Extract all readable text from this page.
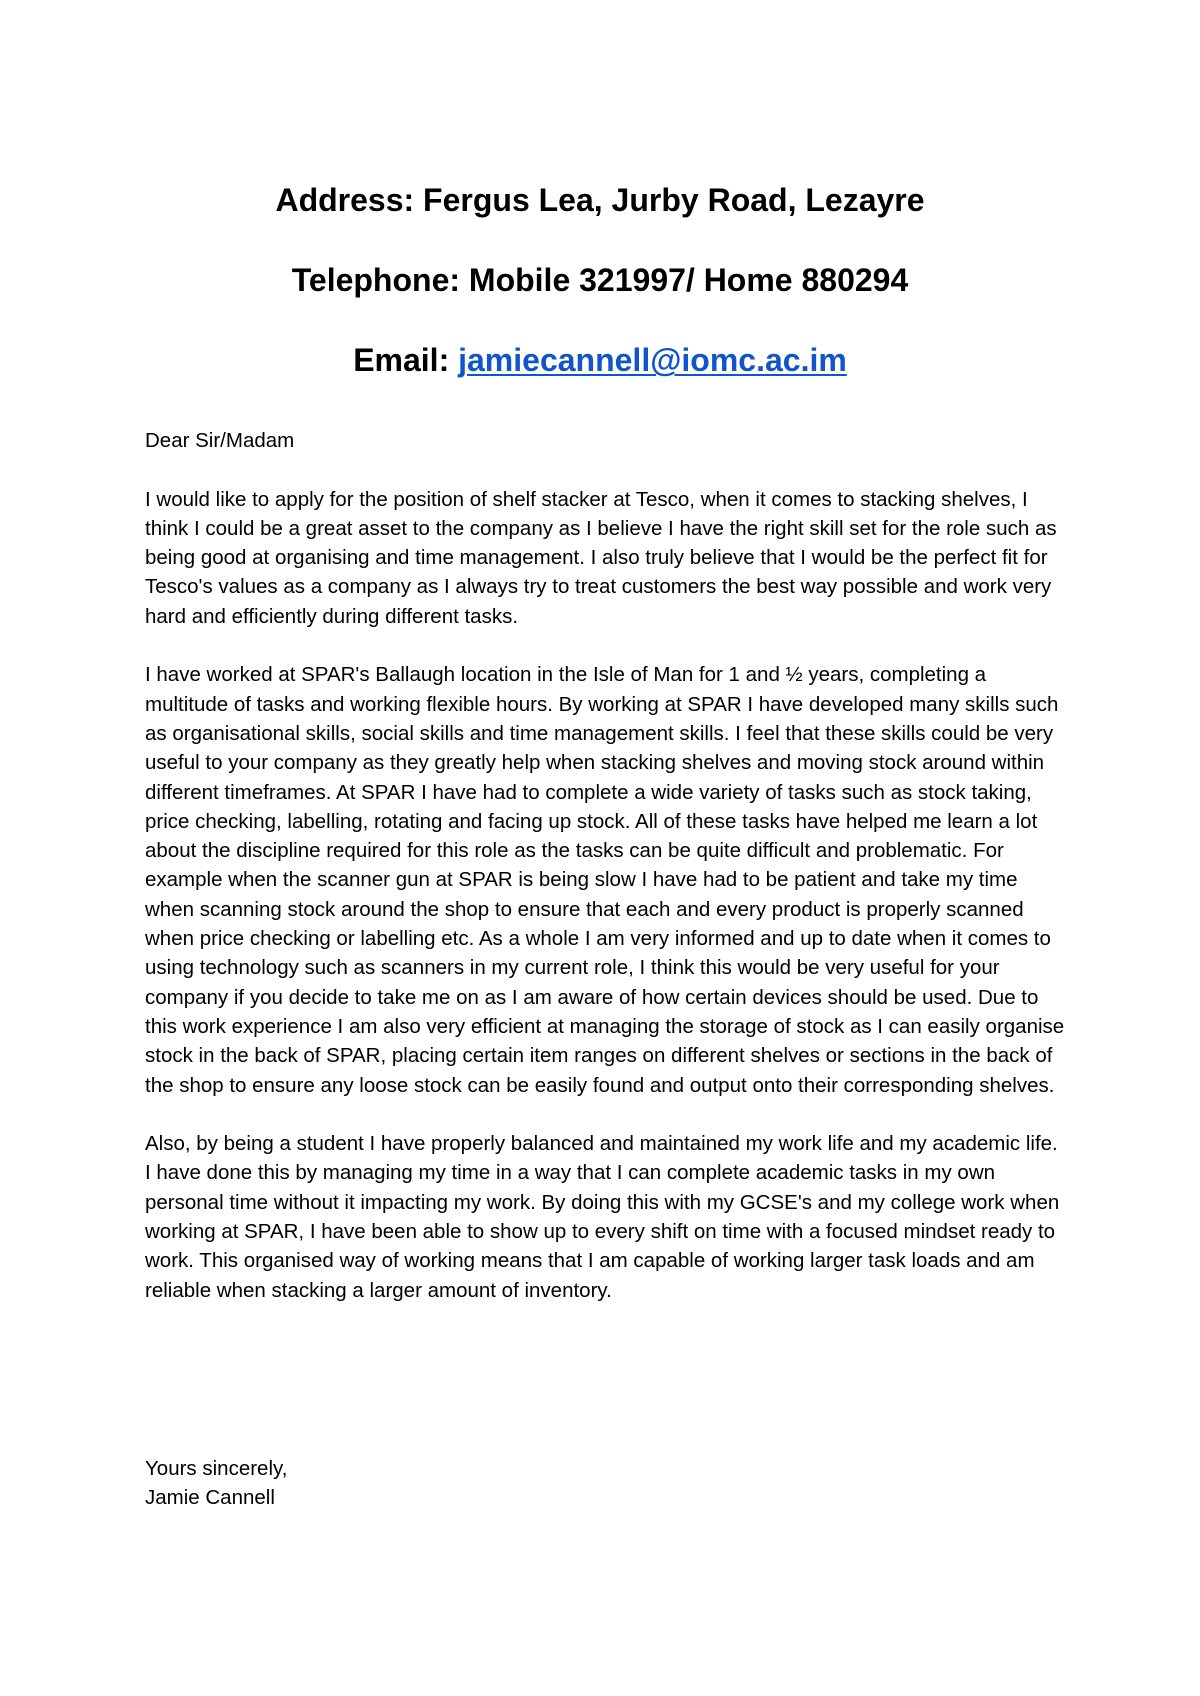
Address: Fergus Lea, Jurby Road, Lezayre
Telephone: Mobile 321997/ Home 880294
Email: jamiecannell@iomc.ac.im

Dear Sir/Madam

I would like to apply for the position of shelf stacker at Tesco, when it comes to stacking shelves, I think I could be a great asset to the company as I believe I have the right skill set for the role such as being good at organising and time management. I also truly believe that I would be the perfect fit for Tesco's values as a company as I always try to treat customers the best way possible and work very hard and efficiently during different tasks.

I have worked at SPAR's Ballaugh location in the Isle of Man for 1 and ½ years, completing a multitude of tasks and working flexible hours. By working at SPAR I have developed many skills such as organisational skills, social skills and time management skills. I feel that these skills could be very useful to your company as they greatly help when stacking shelves and moving stock around within different timeframes. At SPAR I have had to complete a wide variety of tasks such as stock taking, price checking, labelling, rotating and facing up stock. All of these tasks have helped me learn a lot about the discipline required for this role as the tasks can be quite difficult and problematic. For example when the scanner gun at SPAR is being slow I have had to be patient and take my time when scanning stock around the shop to ensure that each and every product is properly scanned when price checking or labelling etc. As a whole I am very informed and up to date when it comes to using technology such as scanners in my current role, I think this would be very useful for your company if you decide to take me on as I am aware of how certain devices should be used. Due to this work experience I am also very efficient at managing the storage of stock as I can easily organise stock in the back of SPAR, placing certain item ranges on different shelves or sections in the back of the shop to ensure any loose stock can be easily found and output onto their corresponding shelves.

Also, by being a student I have properly balanced and maintained my work life and my academic life. I have done this by managing my time in a way that I can complete academic tasks in my own personal time without it impacting my work. By doing this with my GCSE's and my college work when working at SPAR, I have been able to show up to every shift on time with a focused mindset ready to work. This organised way of working means that I am capable of working larger task loads and am reliable when stacking a larger amount of inventory.

Yours sincerely,
Jamie Cannell
